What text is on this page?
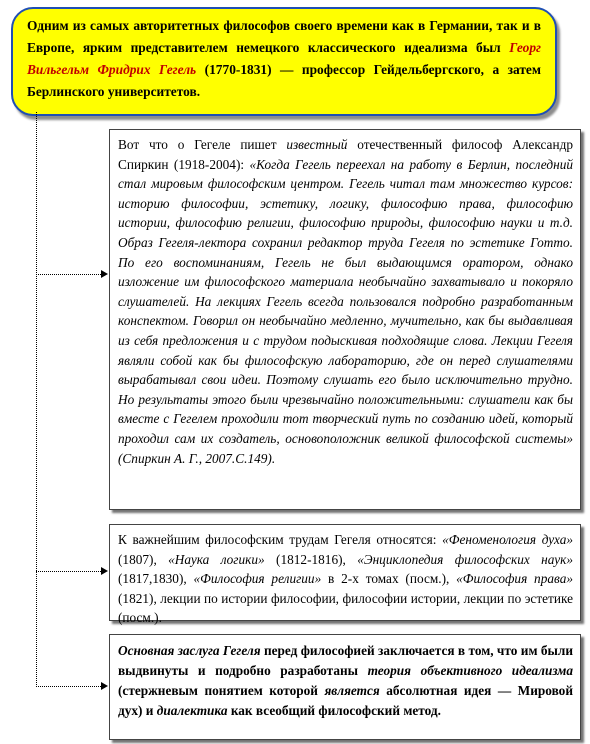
Одним из самых авторитетных философов своего времени как в Германии, так и в Европе, ярким представителем немецкого классического идеализма был Георг Вильгельм Фридрих Гегель (1770-1831) — профессор Гейдельбергского, а затем Берлинского университетов.
Вот что о Гегеле пишет известный отечественный философ Александр Спиркин (1918-2004): «Когда Гегель переехал на работу в Берлин, последний стал мировым философским центром. Гегель читал там множество курсов: историю философии, эстетику, логику, философию права, философию истории, философию религии, философию природы, философию науки и т.д. Образ Гегеля-лектора сохранил редактор труда Гегеля по эстетике Готто. По его воспоминаниям, Гегель не был выдающимся оратором, однако изложение им философского материала необычайно захватывало и покоряло слушателей. На лекциях Гегель всегда пользовался подробно разработанным конспектом. Говорил он необычайно медленно, мучительно, как бы выдавливая из себя предложения и с трудом подыскивая подходящие слова. Лекции Гегеля являли собой как бы философскую лабораторию, где он перед слушателями вырабатывал свои идеи. Поэтому слушать его было исключительно трудно. Но результаты этого были чрезвычайно положительными: слушатели как бы вместе с Гегелем проходили тот творческий путь по созданию идей, который проходил сам их создатель, основоположник великой философской системы» (Спиркин А. Г., 2007.С.149).
К важнейшим философским трудам Гегеля относятся: «Феноменология духа» (1807), «Наука логики» (1812-1816), «Энциклопедия философских наук» (1817,1830), «Философия религии» в 2-х томах (посм.), «Философия права» (1821), лекции по истории философии, философии истории, лекции по эстетике (посм.).
Основная заслуга Гегеля перед философией заключается в том, что им были выдвинуты и подробно разработаны теория объективного идеализма (стержневым понятием которой является абсолютная идея — Мировой дух) и диалектика как всеобщий философский метод.
